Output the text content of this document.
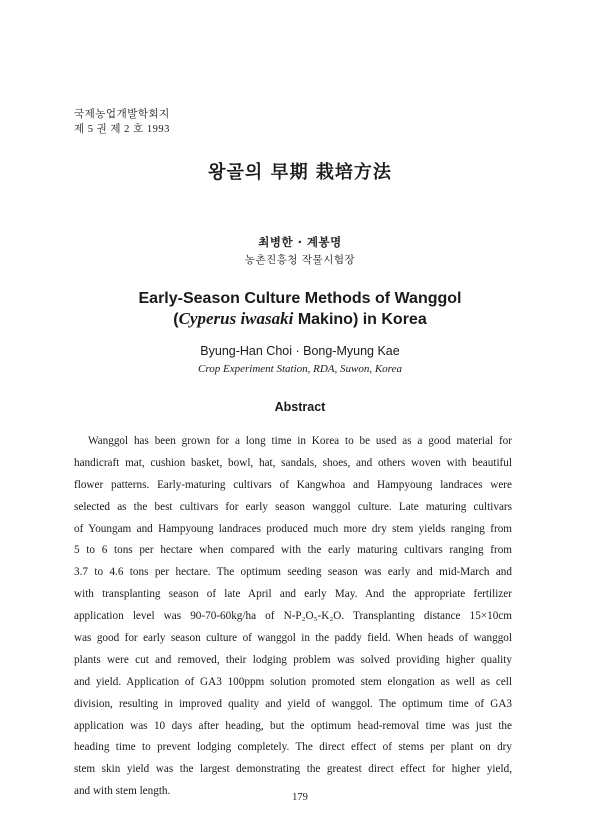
국제농업개발학회지
제 5 권 제 2 호 1993
왕골의 早期 栽培方法
최병한 · 계봉명
농촌진흥청 작물시험장
Early-Season Culture Methods of Wanggol
(Cyperus iwasaki Makino) in Korea
Byung-Han Choi · Bong-Myung Kae
Crop Experiment Station, RDA, Suwon, Korea
Abstract
Wanggol has been grown for a long time in Korea to be used as a good material for
handicraft mat, cushion basket, bowl, hat, sandals, shoes, and others woven with beautiful
flower patterns. Early-maturing cultivars of Kangwhoa and Hampyoung landraces were
selected as the best cultivars for early season wanggol culture. Late maturing cultivars
of Youngam and Hampyoung landraces produced much more dry stem yields ranging from
5 to 6 tons per hectare when compared with the early maturing cultivars ranging from
3.7 to 4.6 tons per hectare. The optimum seeding season was early and mid-March and
with transplanting season of late April and early May. And the appropriate fertilizer
application level was 90-70-60kg/ha of N-P₂O₅-K₂O. Transplanting distance 15×10cm
was good for early season culture of wanggol in the paddy field. When heads of wanggol
plants were cut and removed, their lodging problem was solved providing higher quality
and yield. Application of GA3 100ppm solution promoted stem elongation as well as cell
division, resulting in improved quality and yield of wanggol. The optimum time of GA3
application was 10 days after heading, but the optimum head-removal time was just the
heading time to prevent lodging completely. The direct effect of stems per plant on dry
stem skin yield was the largest demonstrating the greatest direct effect for higher yield,
and with stem length.
179
